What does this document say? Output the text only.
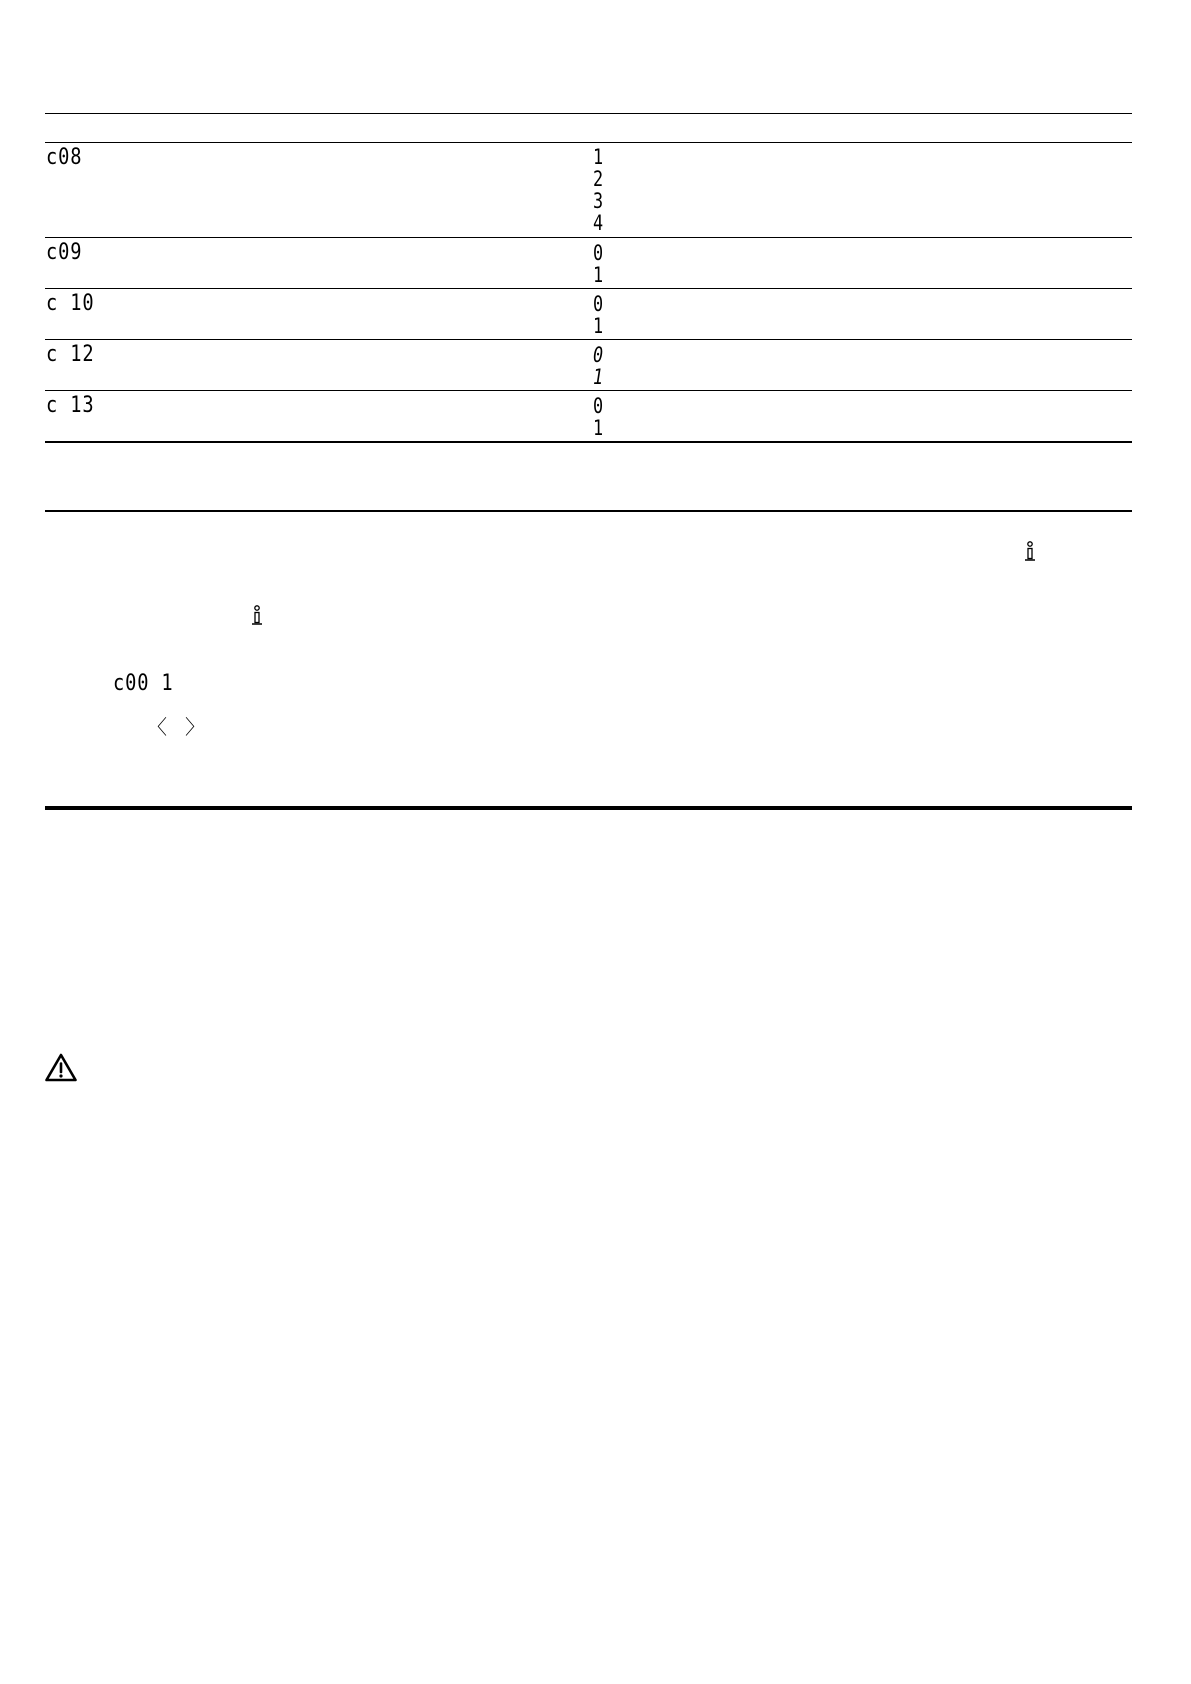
c08	1
2
3
4
c09	0
1
c 10	0
1
c 12	0
1
c 13	0
1
c00 1
〈 〉
